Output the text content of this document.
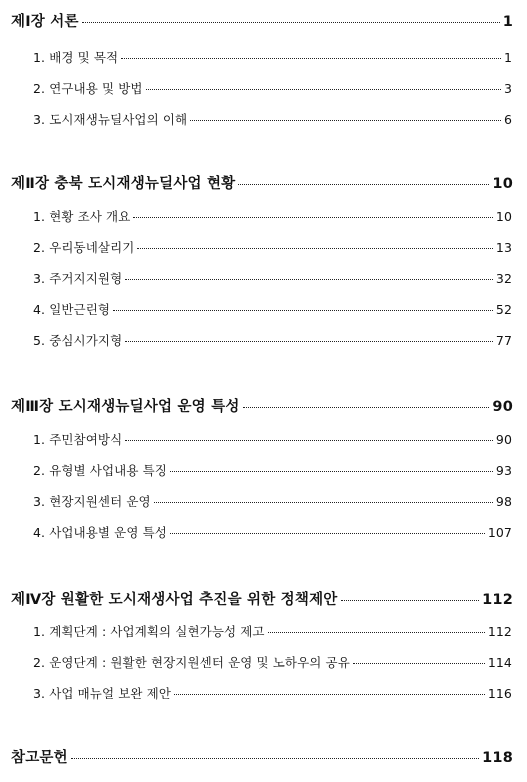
제Ⅰ장 서론	1
1. 배경 및 목적	1
2. 연구내용 및 방법	3
3. 도시재생뉴딜사업의 이해	6
제Ⅱ장 충북 도시재생뉴딜사업 현황	10
1. 현황 조사 개요	10
2. 우리동네살리기	13
3. 주거지지원형	32
4. 일반근린형	52
5. 중심시가지형	77
제Ⅲ장 도시재생뉴딜사업 운영 특성	90
1. 주민참여방식	90
2. 유형별 사업내용 특징	93
3. 현장지원센터 운영	98
4. 사업내용별 운영 특성	107
제Ⅳ장 원활한 도시재생사업 추진을 위한 정책제안	112
1. 계획단계 : 사업계획의 실현가능성 제고	112
2. 운영단계 : 원활한 현장지원센터 운영 및 노하우의 공유	114
3. 사업 매뉴얼 보완 제안	116
참고문헌	118
